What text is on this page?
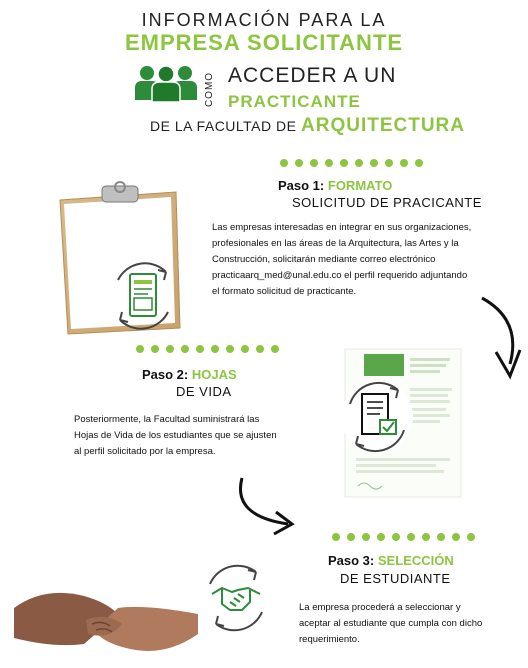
INFORMACIÓN PARA LA
EMPRESA SOLICITANTE
COMO ACCEDER A UN
PRACTICANTE
DE LA FACULTAD DE ARQUITECTURA
Paso 1: FORMATO
SOLICITUD DE PRACICANTE
Las empresas interesadas en integrar en sus organizaciones,
profesionales en las áreas de la Arquitectura, las Artes y la
Construcción, solicitarán mediante correo electrónico
practicaarq_med@unal.edu.co el perfil requerido adjuntando
el formato solicitud de practicante.
Paso 2: HOJAS
DE VIDA
Posteriormente, la Facultad suministrará las
Hojas de Vida de los estudiantes que se ajusten
al perfil solicitado por la empresa.
Paso 3: SELECCIÓN
DE ESTUDIANTE
La empresa procederá a seleccionar y
aceptar al estudiante que cumpla con dicho
requerimiento.
